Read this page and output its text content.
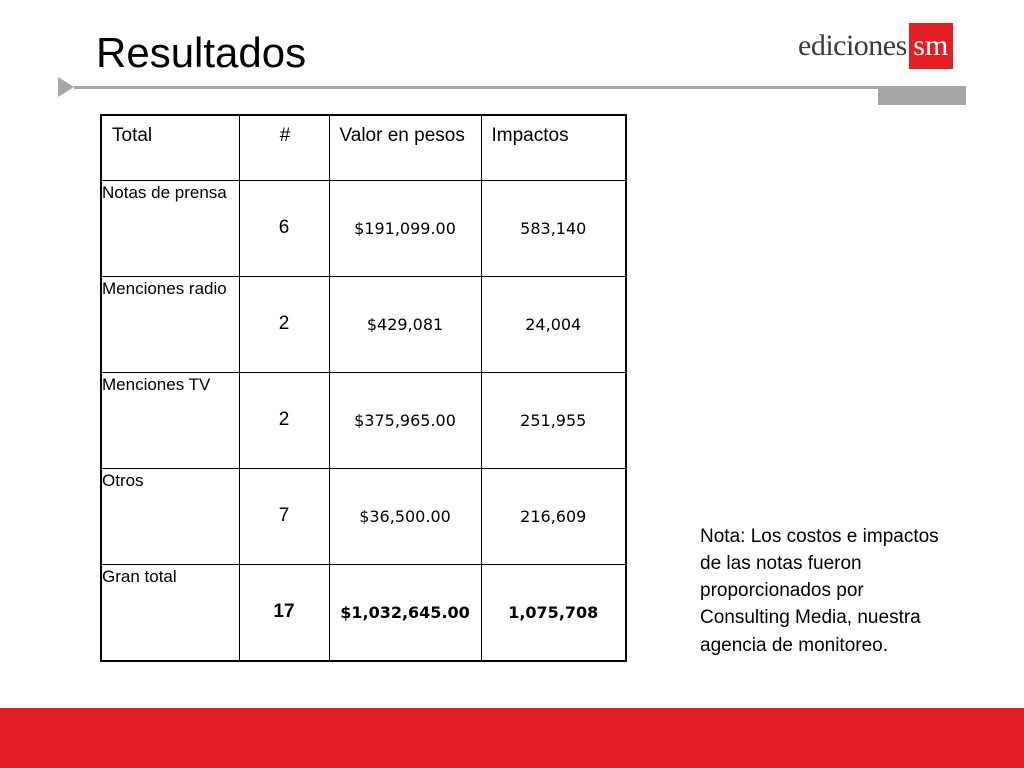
Resultados	ediciones sm
Total	#	Valor en pesos	Impactos
Notas de prensa	6	$191,099.00	583,140
Menciones radio	2	$429,081	24,004
Menciones TV	2	$375,965.00	251,955
Otros	7	$36,500.00	216,609
Gran total	17	$1,032,645.00	1,075,708
Nota: Los costos e impactos de las notas fueron proporcionados por Consulting Media, nuestra agencia de monitoreo.
